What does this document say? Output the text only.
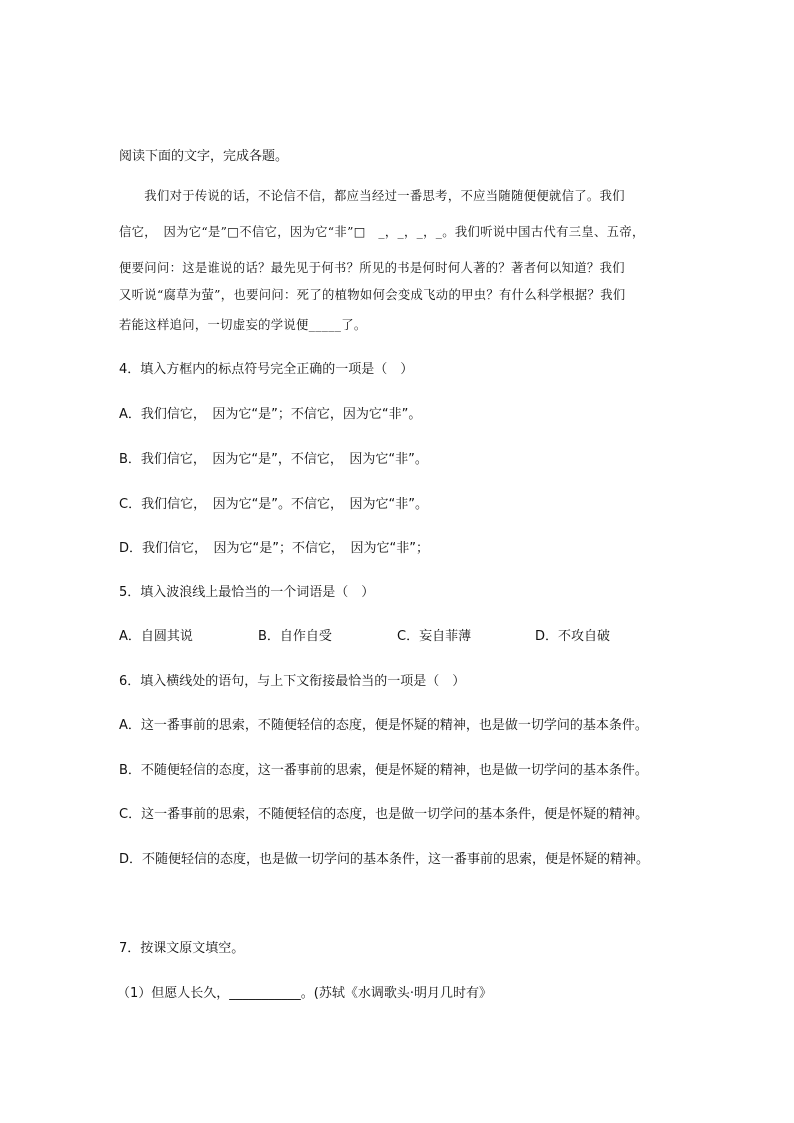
阅读下面的文字，完成各题。
　　我们对于传说的话，不论信不信，都应当经过一番思考，不应当随随便便就信了。我们
信它，　因为它“是”□不信它，因为它“非”□　_，_，_，_。我们听说中国古代有三皇、五帝，
便要问问：这是谁说的话？最先见于何书？所见的书是何时何人著的？著者何以知道？我们
又听说“腐草为萤”，也要问问：死了的植物如何会变成飞动的甲虫？有什么科学根据？我们
若能这样追问，一切虚妄的学说便_____了。
4．填入方框内的标点符号完全正确的一项是（　）
A．我们信它，　因为它“是”；不信它，因为它“非”。
B．我们信它，　因为它“是”，不信它，　因为它“非”。
C．我们信它，　因为它“是”。不信它，　因为它“非”。
D．我们信它，　因为它“是”；不信它，　因为它“非”；
5．填入波浪线上最恰当的一个词语是（　）
A．自圆其说	B．自作自受	C．妄自菲薄	D．不攻自破
6．填入横线处的语句，与上下文衔接最恰当的一项是（　）
A．这一番事前的思索，不随便轻信的态度，便是怀疑的精神，也是做一切学问的基本条件。
B．不随便轻信的态度，这一番事前的思索，便是怀疑的精神，也是做一切学问的基本条件。
C．这一番事前的思索，不随便轻信的态度，也是做一切学问的基本条件，便是怀疑的精神。
D．不随便轻信的态度，也是做一切学问的基本条件，这一番事前的思索，便是怀疑的精神。
7．按课文原文填空。
（1）但愿人长久，___________。(苏轼《水调歌头·明月几时有》
